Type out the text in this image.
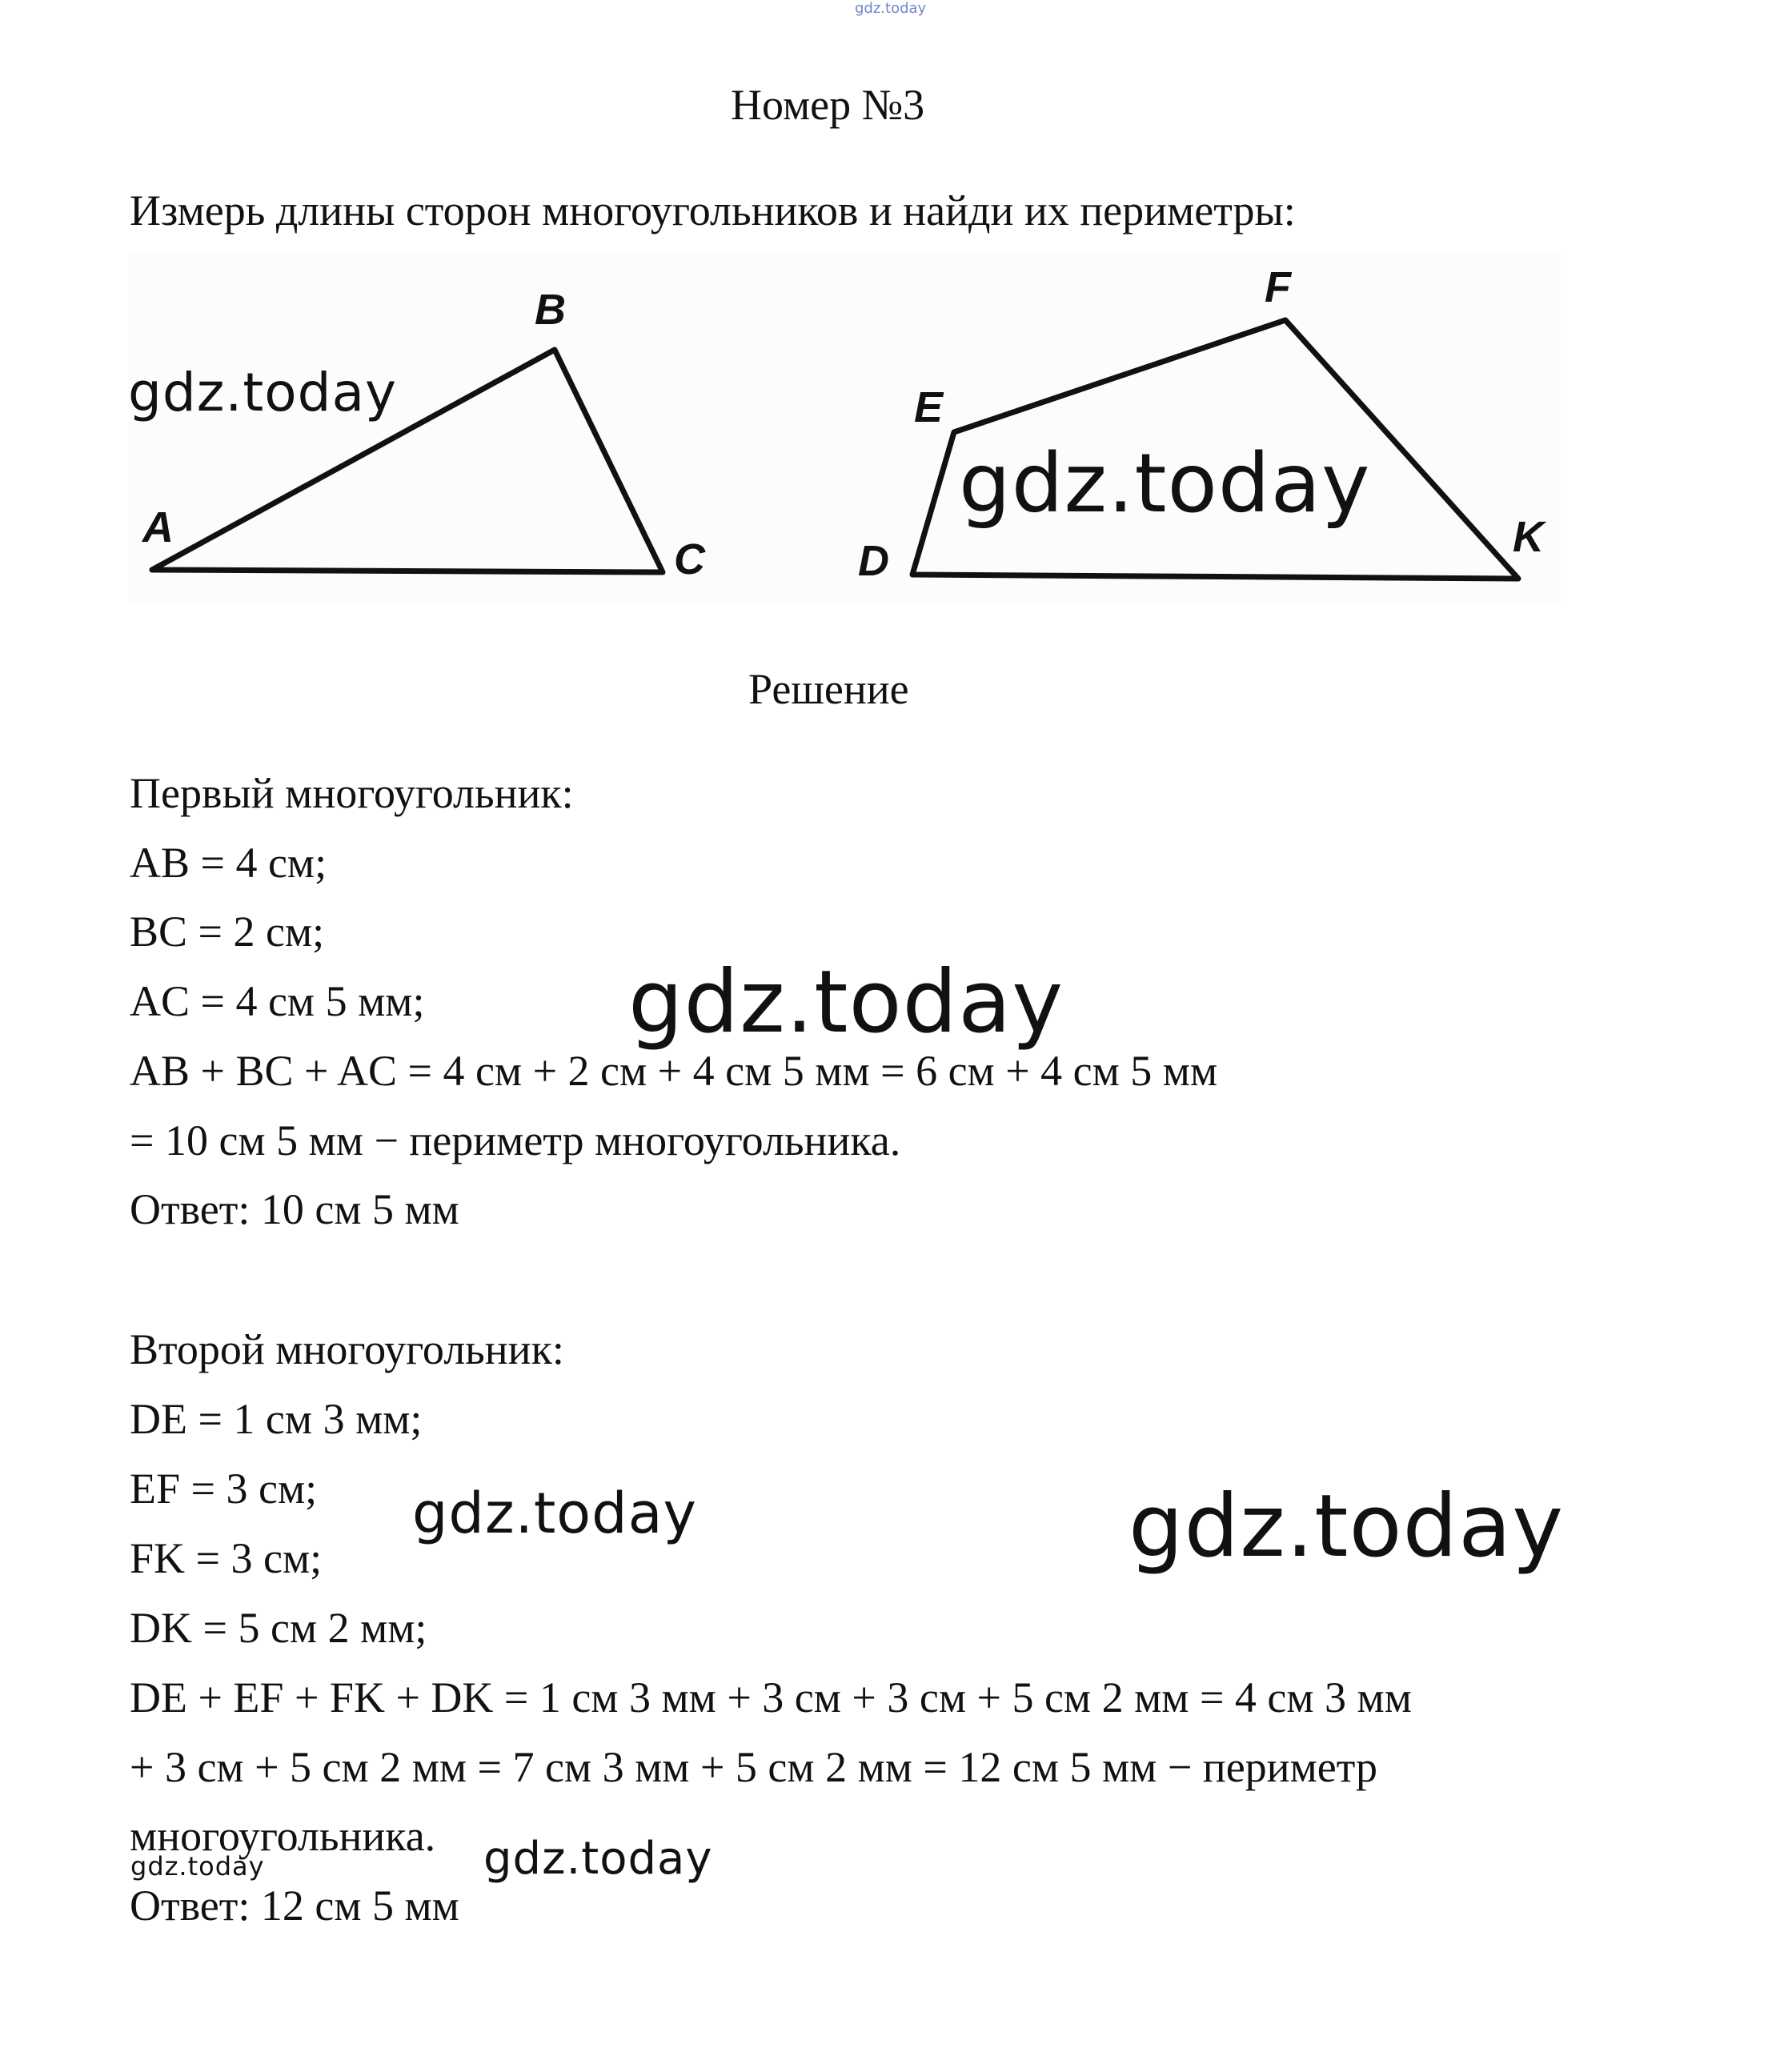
gdz.today
Номер №3
Измерь длины сторон многоугольников и найди их периметры:
A
B
C	D
E
F
K
gdz.today
gdz.today
Решение
Первый многоугольник:
AB = 4 см;
BC = 2 см;
AC = 4 см 5 мм;
AB + BC + AC = 4 см + 2 см + 4 см 5 мм = 6 см + 4 см 5 мм
= 10 см 5 мм − периметр многоугольника.
Ответ: 10 см 5 мм
gdz.today
Второй многоугольник:
DE = 1 см 3 мм;
EF = 3 см;
FK = 3 см;
DK = 5 см 2 мм;
DE + EF + FK + DK = 1 см 3 мм + 3 см + 3 см + 5 см 2 мм = 4 см 3 мм
+ 3 см + 5 см 2 мм = 7 см 3 мм + 5 см 2 мм = 12 см 5 мм − периметр
многоугольника.
Ответ: 12 см 5 мм
gdz.today	gdz.today
gdz.today	gdz.today
